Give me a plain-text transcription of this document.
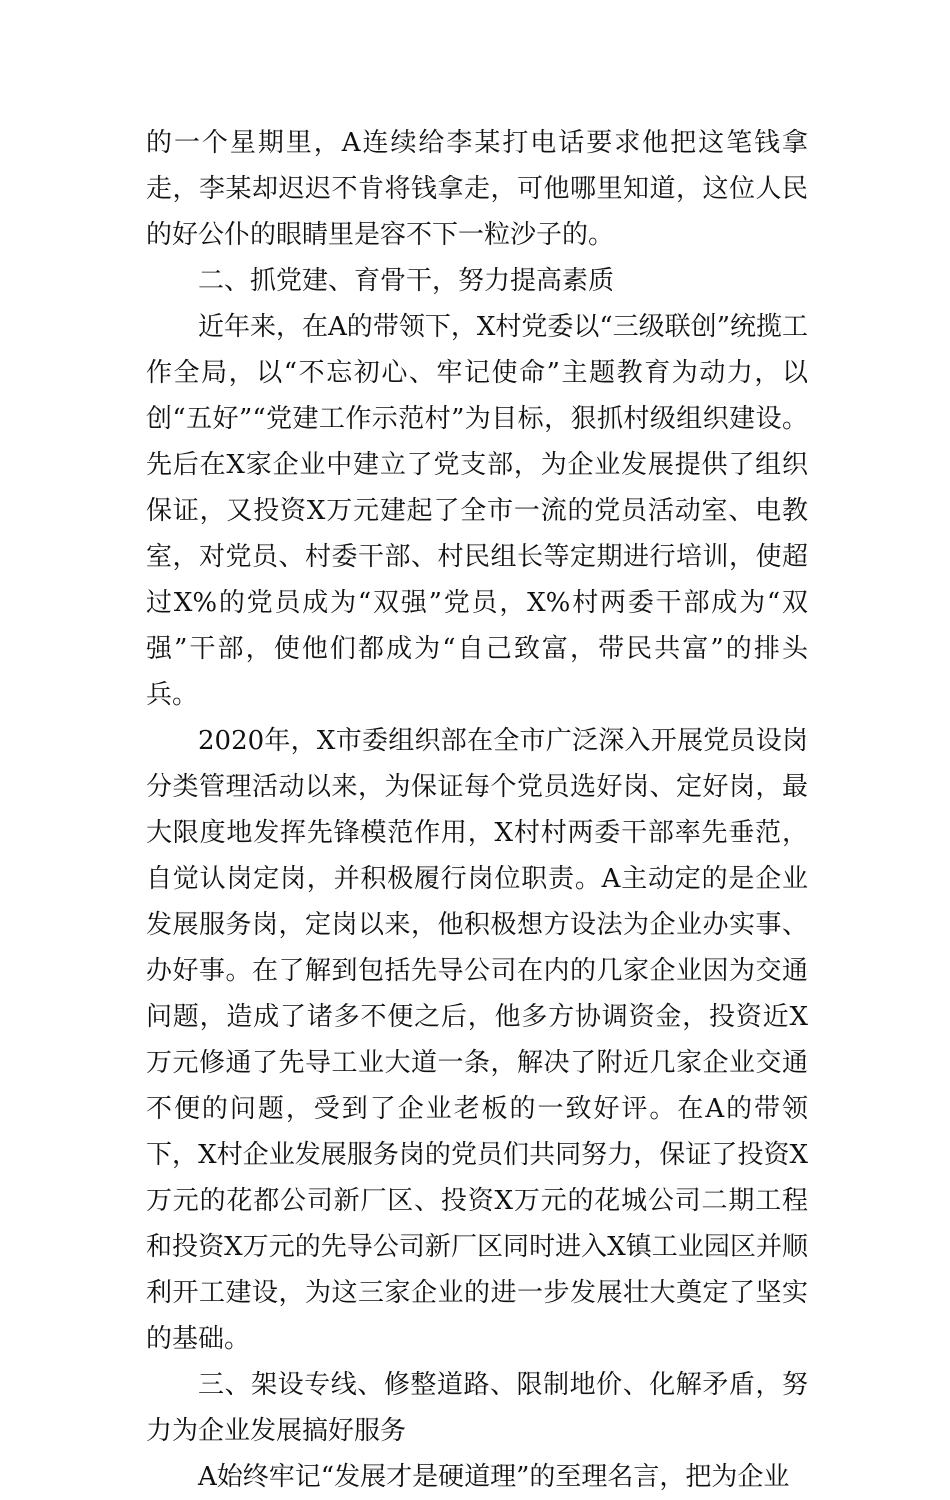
的一个星期里，A连续给李某打电话要求他把这笔钱拿走，李某却迟迟不肯将钱拿走，可他哪里知道，这位人民的好公仆的眼睛里是容不下一粒沙子的。

二、抓党建、育骨干，努力提高素质

近年来，在A的带领下，X村党委以“三级联创”统揽工作全局，以“不忘初心、牢记使命”主题教育为动力，以创“五好”“党建工作示范村”为目标，狠抓村级组织建设。先后在X家企业中建立了党支部，为企业发展提供了组织保证，又投资X万元建起了全市一流的党员活动室、电教室，对党员、村委干部、村民组长等定期进行培训，使超过X%的党员成为“双强”党员，X%村两委干部成为“双强”干部，使他们都成为“自己致富，带民共富”的排头兵。

2020年，X市委组织部在全市广泛深入开展党员设岗分类管理活动以来，为保证每个党员选好岗、定好岗，最大限度地发挥先锋模范作用，X村村两委干部率先垂范，自觉认岗定岗，并积极履行岗位职责。A主动定的是企业发展服务岗，定岗以来，他积极想方设法为企业办实事、办好事。在了解到包括先导公司在内的几家企业因为交通问题，造成了诸多不便之后，他多方协调资金，投资近X万元修通了先导工业大道一条，解决了附近几家企业交通不便的问题，受到了企业老板的一致好评。在A的带领下，X村企业发展服务岗的党员们共同努力，保证了投资X万元的花都公司新厂区、投资X万元的花城公司二期工程和投资X万元的先导公司新厂区同时进入X镇工业园区并顺利开工建设，为这三家企业的进一步发展壮大奠定了坚实的基础。

三、架设专线、修整道路、限制地价、化解矛盾，努力为企业发展搞好服务

A始终牢记“发展才是硬道理”的至理名言，把为企业
